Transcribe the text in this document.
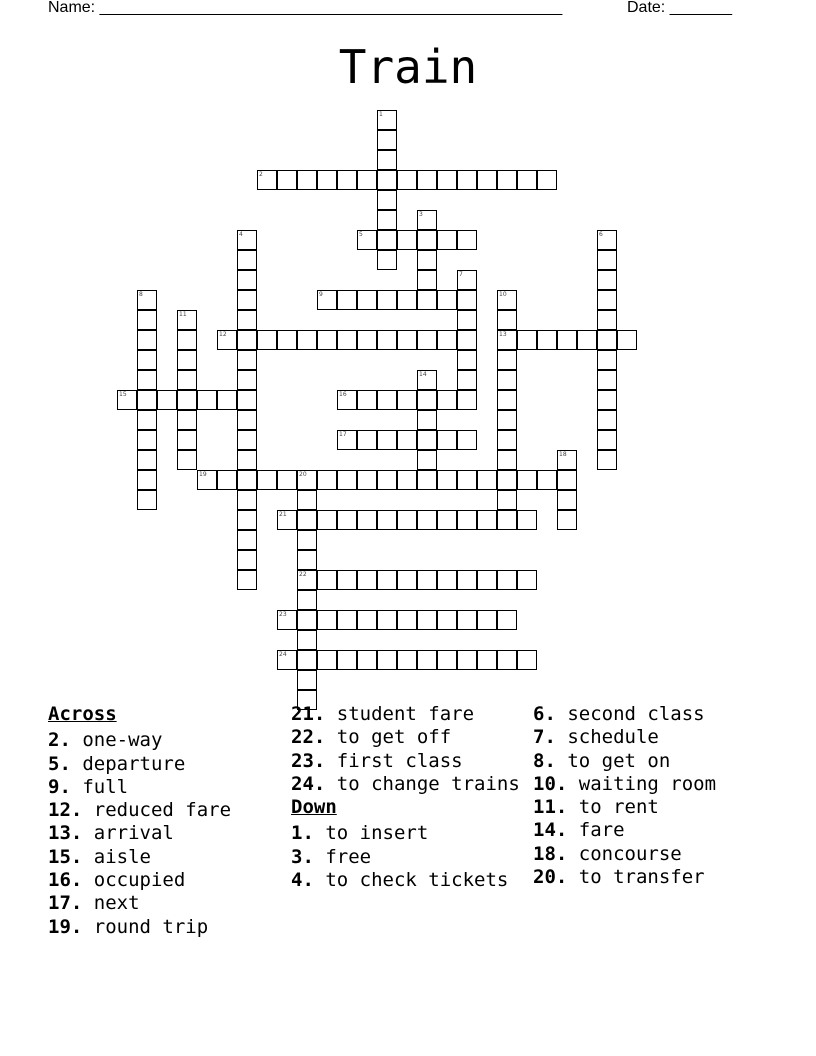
Name: ____________________________________________________	Date: _______
Train
1
2
3
4	5	6
7
8	9	10
13
11
12
14
15	16
17
18
19	20
22
21
23
24
Across
2. one-way
5. departure
9. full
12. reduced fare
13. arrival
15. aisle
16. occupied
17. next
19. round trip
21. student fare
22. to get off
23. first class
24. to change trains
Down
1. to insert
3. free
4. to check tickets
6. second class
7. schedule
8. to get on
10. waiting room
11. to rent
14. fare
18. concourse
20. to transfer
